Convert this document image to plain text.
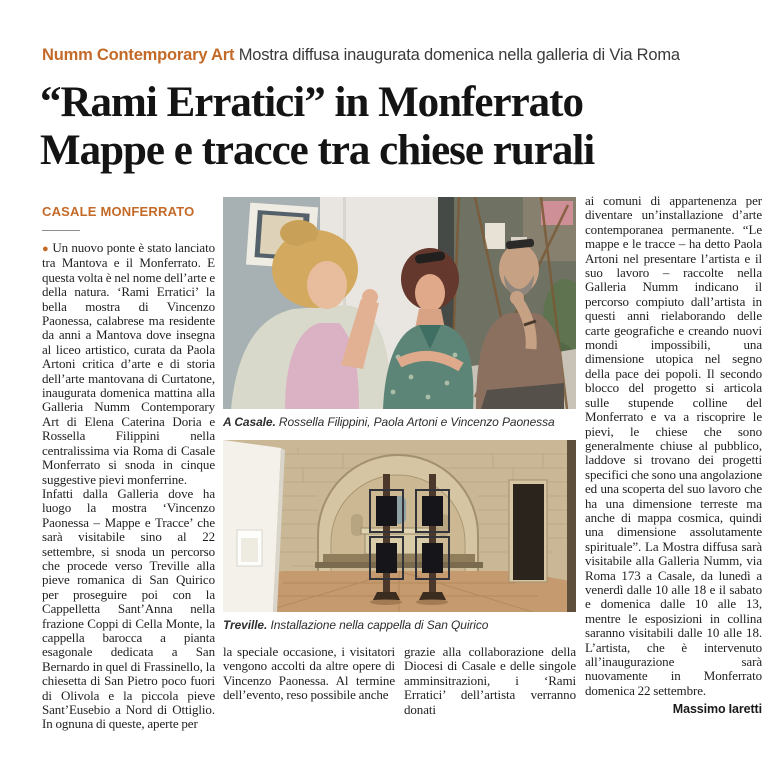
Numm Contemporary Art Mostra diffusa inaugurata domenica nella galleria di Via Roma

“Rami Erratici” in Monferrato
Mappe e tracce tra chiese rurali
CASALE MONFERRATO

● Un nuovo ponte è stato lanciato tra Mantova e il Monferrato. E questa volta è nel nome dell’arte e della natura. ‘Rami Erratici’ la bella mostra di Vincenzo Paonessa, calabrese ma residente da anni a Mantova dove insegna al liceo artistico, curata da Paola Artoni critica d’arte e di storia dell’arte mantovana di Curtatone, inaugurata domenica mattina alla Galleria Numm Contemporary Art di Elena Caterina Doria e Rossella Filippini nella centralissima via Roma di Casale Monferrato si snoda in cinque suggestive pievi monferrine.

Infatti dalla Galleria dove ha luogo la mostra ‘Vincenzo Paonessa – Mappe e Tracce’ che sarà visitabile sino al 22 settembre, si snoda un percorso che procede verso Treville alla pieve romanica di San Quirico per proseguire poi con la Cappelletta Sant’Anna nella frazione Coppi di Cella Monte, la cappella barocca a pianta esagonale dedicata a San Bernardo in quel di Frassinello, la chiesetta di San Pietro poco fuori di Olivola e la piccola pieve Sant’Eusebio a Nord di Ottiglio. In ognuna di queste, aperte per

A Casale. Rossella Filippini, Paola Artoni e Vincenzo Paonessa
Treville. Installazione nella cappella di San Quirico

la speciale occasione, i visitatori vengono accolti da altre opere di Vincenzo Paonessa. Al termine dell’evento, reso possibile anche

grazie alla collaborazione della Diocesi di Casale e delle singole amminsitrazioni, i ‘Rami Erratici’ dell’artista verranno donati

ai comuni di appartenenza per diventare un’installazione d’arte contemporanea permanente. “Le mappe e le tracce – ha detto Paola Artoni nel presentare l’artista e il suo lavoro – raccolte nella Galleria Numm indicano il percorso compiuto dall’artista in questi anni rielaborando delle carte geografiche e creando nuovi mondi impossibili, una dimensione utopica nel segno della pace dei popoli. Il secondo blocco del progetto si articola sulle stupende colline del Monferrato e va a riscoprire le pievi, le chiese che sono generalmente chiuse al pubblico, laddove si trovano dei progetti specifici che sono una angolazione ed una scoperta del suo lavoro che ha una dimensione terreste ma anche di mappa cosmica, quindi una dimensione assolutamente spirituale”. La Mostra diffusa sarà visitabile alla Galleria Numm, via Roma 173 a Casale, da lunedì a venerdì dalle 10 alle 18 e il sabato e domenica dalle 10 alle 13, mentre le esposizioni in collina saranno visitabili dalle 10 alle 18. L’artista, che è intervenuto all’inaugurazione sarà nuovamente in Monferrato domenica 22 settembre.

Massimo Iaretti
